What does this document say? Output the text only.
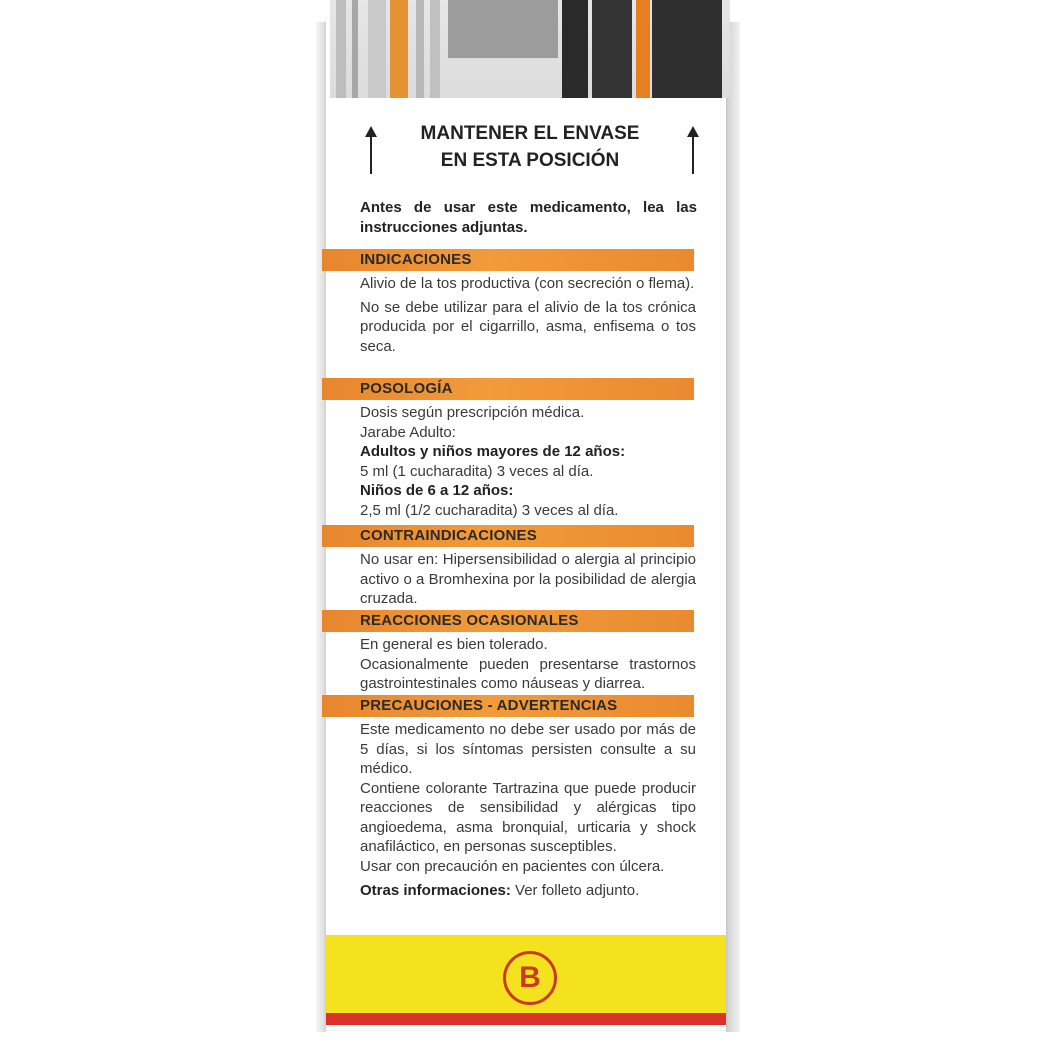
MANTENER EL ENVASE
EN ESTA POSICIÓN
Antes de usar este medicamento, lea las instrucciones adjuntas.
INDICACIONES

Alivio de la tos productiva (con secreción o flema).

No se debe utilizar para el alivio de la tos crónica producida por el cigarrillo, asma, enfisema o tos seca.

POSOLOGÍA

Dosis según prescripción médica.

Jarabe Adulto:

Adultos y niños mayores de 12 años:

5 ml (1 cucharadita) 3 veces al día.

Niños de 6 a 12 años:

2,5 ml (1/2 cucharadita) 3 veces al día.

CONTRAINDICACIONES

No usar en: Hipersensibilidad o alergia al principio activo o a Bromhexina por la posibilidad de alergia cruzada.

REACCIONES OCASIONALES

En general es bien tolerado.

Ocasionalmente pueden presentarse trastornos gastrointestinales como náuseas y diarrea.

PRECAUCIONES - ADVERTENCIAS

Este medicamento no debe ser usado por más de 5 días, si los síntomas persisten consulte a su médico.

Contiene colorante Tartrazina que puede producir reacciones de sensibilidad y alérgicas tipo angioedema, asma bronquial, urticaria y shock anafiláctico, en personas susceptibles.

Usar con precaución en pacientes con úlcera.

Otras informaciones: Ver folleto adjunto.

B
